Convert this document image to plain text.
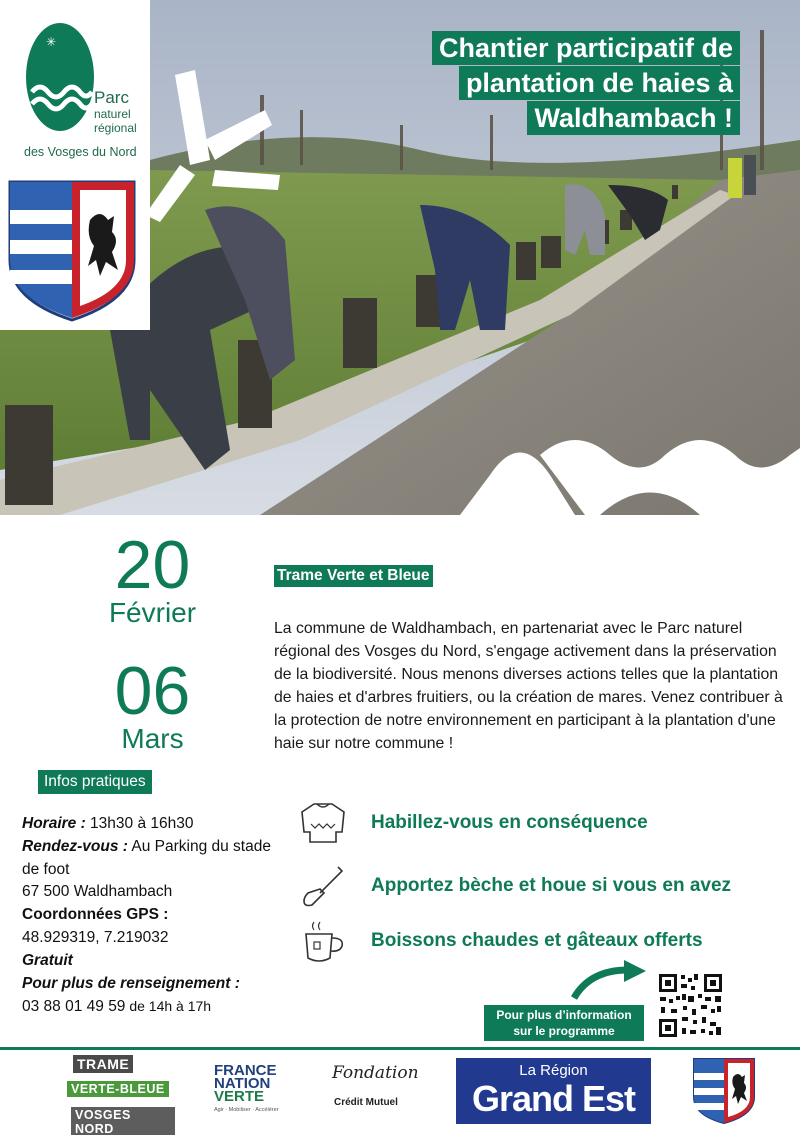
✳
Parc
naturel
régional
des Vosges du Nord
Chantier participatif de
plantation de haies à
Waldhambach !
20
Février
06
Mars
Infos pratiques
Horaire : 13h30 à 16h30
Rendez-vous : Au Parking du stade de foot
67 500 Waldhambach
Coordonnées GPS :
48.929319, 7.219032
Gratuit
Pour plus de renseignement :
03 88 01 49 59 de 14h à 17h
Trame Verte et Bleue

La commune de Waldhambach, en partenariat avec le Parc naturel régional des Vosges du Nord, s'engage activement dans la préservation de la biodiversité. Nous menons diverses actions telles que la plantation de haies et d'arbres fruitiers, ou la création de mares. Venez contribuer à la protection de notre environnement en participant à la plantation d'une haie sur notre commune !

Habillez-vous en conséquence
Apportez bèche et houe si vous en avez
Boissons chaudes et gâteaux offerts
Pour plus d’information
sur le programme
TRAME
VERTE-BLEUE
VOSGES NORD
FRANCE
NATION
VERTE
Agir · Mobiliser · Accélérer
Fondation
Crédit Mutuel
La Région
Grand Est
